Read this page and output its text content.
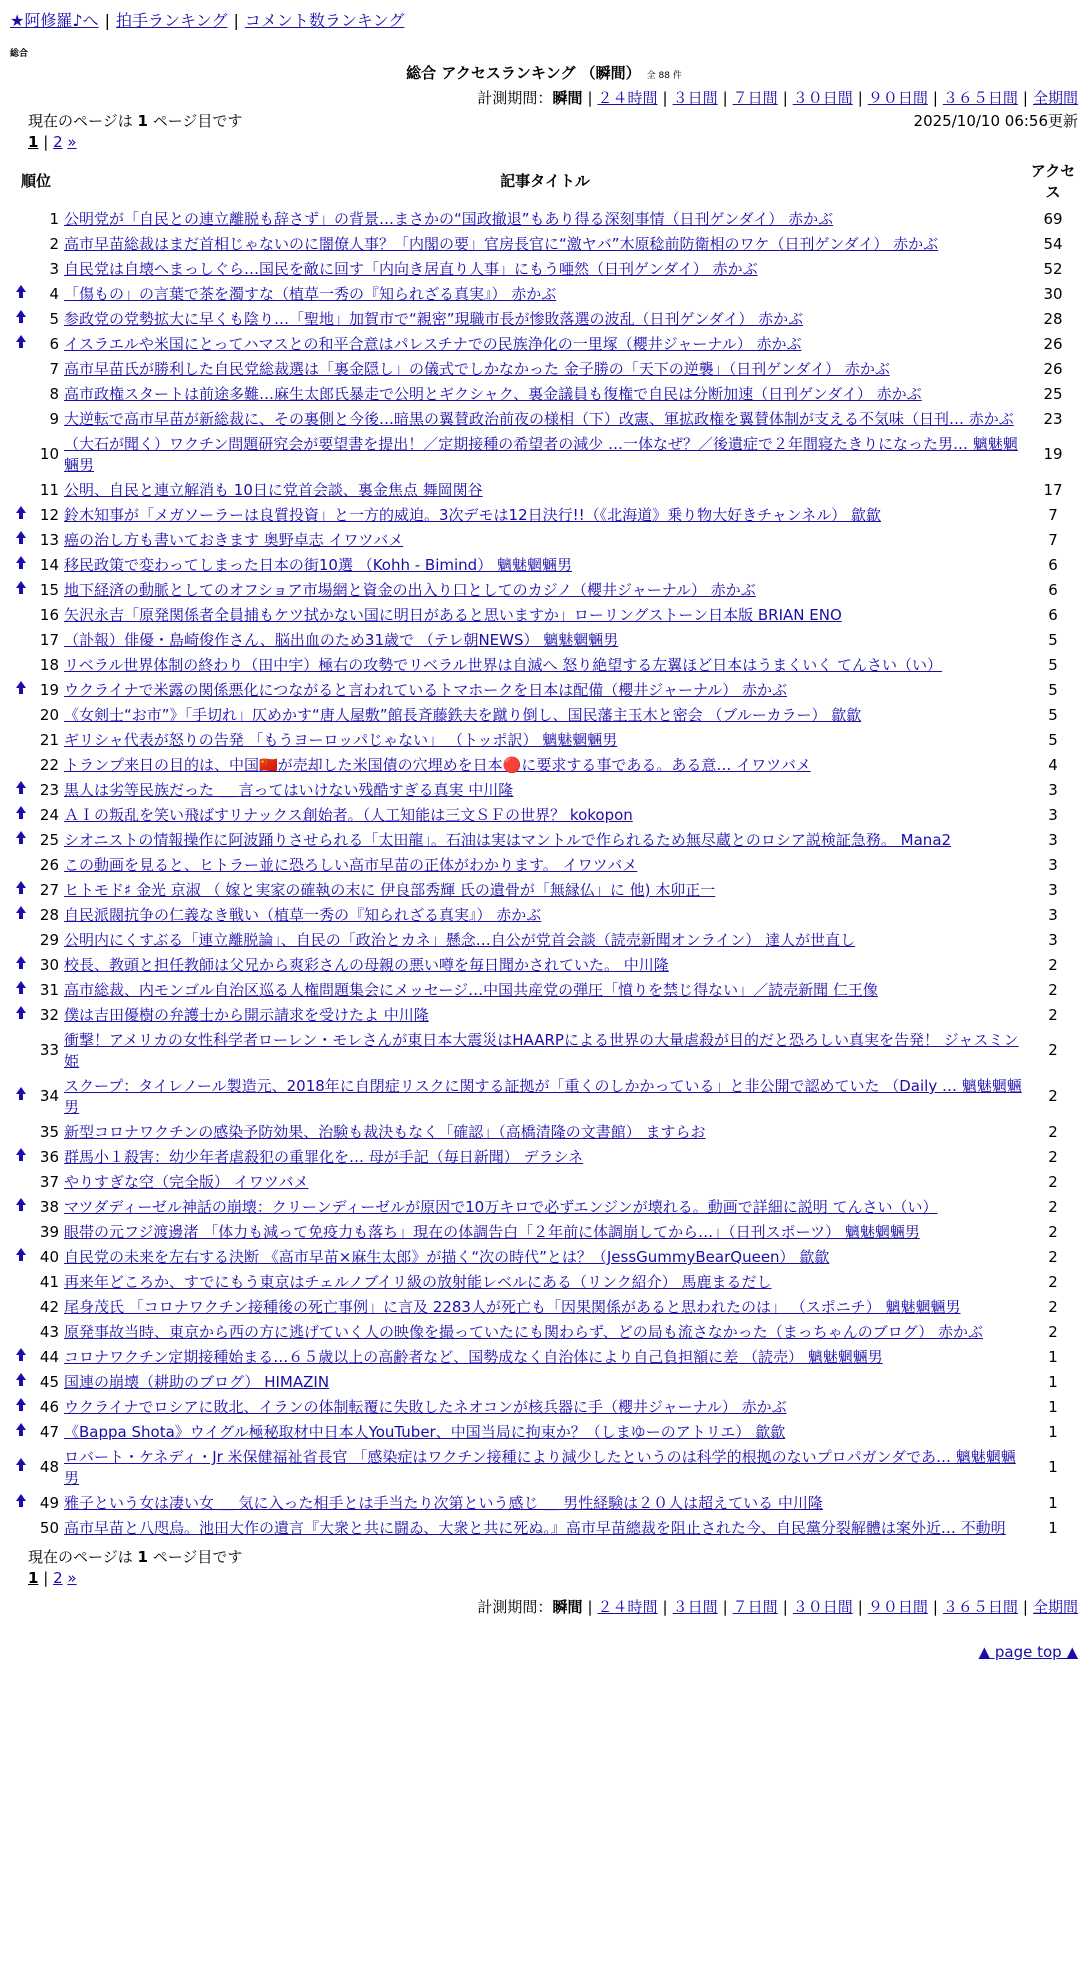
★阿修羅♪へ | 拍手ランキング | コメント数ランキング
総合
総合 アクセスランキング （瞬間） 全 88 件
計測期間：瞬間 | ２４時間 | ３日間 | ７日間 | ３０日間 | ９０日間 | ３６５日間 | 全期間
現在のページは 1 ページ目です	2025/10/10 06:56更新
1 | 2 »
順位		記事タイトル	アクセス
	1	公明党が「自民との連立離脱も辞さず」の背景…まさかの“国政撤退”もあり得る深刻事情（日刊ゲンダイ） 赤かぶ	69
	2	高市早苗総裁はまだ首相じゃないのに闇僚人事？「内閣の要」官房長官に“激ヤバ”木原稔前防衛相のワケ（日刊ゲンダイ） 赤かぶ	54
	3	自民党は自壊へまっしぐら…国民を敵に回す「内向き居直り人事」にもう唖然（日刊ゲンダイ） 赤かぶ	52
	4	「傷もの」の言葉で茶を濁すな（植草一秀の『知られざる真実』） 赤かぶ	30
	5	参政党の党勢拡大に早くも陰り…「聖地」加賀市で“親密”現職市長が惨敗落選の波乱（日刊ゲンダイ） 赤かぶ	28
	6	イスラエルや米国にとってハマスとの和平合意はパレスチナでの民族浄化の一里塚（櫻井ジャーナル） 赤かぶ	26
	7	高市早苗氏が勝利した自民党総裁選は「裏金隠し」の儀式でしかなかった 金子勝の「天下の逆襲」（日刊ゲンダイ） 赤かぶ	26
	8	高市政権スタートは前途多難…麻生太郎氏暴走で公明とギクシャク、裏金議員も復権で自民は分断加速（日刊ゲンダイ） 赤かぶ	25
	9	大逆転で高市早苗が新総裁に、その裏側と今後…暗黒の翼賛政治前夜の様相（下）改憲、軍拡政権を翼賛体制が支える不気味（日刊… 赤かぶ	23
	10	（大石が聞く）ワクチン問題研究会が要望書を提出！／定期接種の希望者の減少 …一体なぜ？／後遺症で２年間寝たきりになった男… 魑魅魍魎男	19
	11	公明、自民と連立解消も 10日に党首会談、裏金焦点 舞岡関谷	17
	12	鈴木知事が「メガソーラーは良質投資」と一方的威迫。3次デモは12日決行!!（《北海道》乗り物大好きチャンネル） 歙歙	7
	13	癌の治し方も書いておきます 奥野卓志 イワツバメ	7
	14	移民政策で変わってしまった日本の街10選 （Kohh - Bimind） 魑魅魍魎男	6
	15	地下経済の動脈としてのオフショア市場網と資金の出入り口としてのカジノ（櫻井ジャーナル） 赤かぶ	6
	16	矢沢永吉「原発関係者全員捕もケツ拭かない国に明日があると思いますか」ローリングストーン日本版 BRIAN ENO	6
	17	（訃報）俳優・島崎俊作さん、脳出血のため31歳で （テレ朝NEWS） 魑魅魍魎男	5
	18	リベラル世界体制の終わり（田中宇）極右の攻勢でリベラル世界は自滅へ 怒り絶望する左翼ほど日本はうまくいく てんさい（い）	5
	19	ウクライナで米露の関係悪化につながると言われているトマホークを日本は配備（櫻井ジャーナル） 赤かぶ	5
	20	《女剣士“お市”》「手切れ」仄めかす“唐人屋敷”館長斉藤鉄夫を蹴り倒し、国民藩主玉木と密会 （ブルーカラー） 歙歙	5
	21	ギリシャ代表が怒りの告発 「もうヨーロッパじゃない」 （トッポ訳） 魑魅魍魎男	5
	22	トランプ来日の目的は、中国🇨🇳が売却した米国債の穴埋めを日本🔴に要求する事である。ある意… イワツバメ	4
	23	黒人は劣等民族だった ＿ 言ってはいけない残酷すぎる真実 中川隆	3
	24	ＡＩの叛乱を笑い飛ばすリナックス創始者。（人工知能は三文ＳＦの世界？ kokopon	3
	25	シオニストの情報操作に阿波踊りさせられる「太田龍」。石油は実はマントルで作られるため無尽蔵とのロシア説検証急務。 Mana2	3
	26	この動画を見ると、ヒトラー並に恐ろしい高市早苗の正体がわかります。 イワツバメ	3
	27	ヒトモド♯ 金光 京淑 （ 嫁と実家の確執の末に 伊良部秀輝 氏の遺骨が「無縁仏」に 他) 木卯正一	3
	28	自民派閥抗争の仁義なき戦い（植草一秀の『知られざる真実』） 赤かぶ	3
	29	公明内にくすぶる「連立離脱論」、自民の「政治とカネ」懸念…自公が党首会談（読売新聞オンライン） 達人が世直し	3
	30	校長、教頭と担任教師は父兄から爽彩さんの母親の悪い噂を毎日聞かされていた。 中川隆	2
	31	高市総裁、内モンゴル自治区巡る人権問題集会にメッセージ…中国共産党の弾圧「憤りを禁じ得ない」／読売新聞 仁王像	2
	32	僕は吉田優樹の弁護士から開示請求を受けたよ 中川隆	2
	33	衝撃！アメリカの女性科学者ローレン・モレさんが東日本大震災はHAARPによる世界の大量虐殺が目的だと恐ろしい真実を告発！ ジャスミン姫	2
	34	スクープ：タイレノール製造元、2018年に自閉症リスクに関する証拠が「重くのしかかっている」と非公開で認めていた （Daily … 魑魅魍魎男	2
	35	新型コロナワクチンの感染予防効果、治験も裁決もなく「確認」（高橋清隆の文書館） ますらお	2
	36	群馬小１殺害：幼少年者虐殺犯の重罪化を… 母が手記（毎日新聞） デラシネ	2
	37	やりすぎな空（完全版） イワツバメ	2
	38	マツダディーゼル神話の崩壊：クリーンディーゼルが原因で10万キロで必ずエンジンが壊れる。動画で詳細に説明 てんさい（い）	2
	39	眼帯の元フジ渡邊渚 「体力も減って免疫力も落ち」現在の体調告白「２年前に体調崩してから…」（日刊スポーツ） 魑魅魍魎男	2
	40	自民党の未来を左右する決断 《高市早苗×麻生太郎》が描く“次の時代”とは？（JessGummyBearQueen） 歙歙	2
	41	再来年どころか、すでにもう東京はチェルノブイリ級の放射能レベルにある（リンク紹介） 馬鹿まるだし	2
	42	尾身茂氏 「コロナワクチン接種後の死亡事例」に言及 2283人が死亡も「因果関係があると思われたのは」 （スポニチ） 魑魅魍魎男	2
	43	原発事故当時、東京から西の方に逃げていく人の映像を撮っていたにも関わらず、どの局も流さなかった（まっちゃんのブログ） 赤かぶ	2
	44	コロナワクチン定期接種始まる…６５歳以上の高齢者など、国勢成なく自治体により自己負担額に差 （読売） 魑魅魍魎男	1
	45	国連の崩壊（耕助のブログ） HIMAZIN	1
	46	ウクライナでロシアに敗北、イランの体制転覆に失敗したネオコンが核兵器に手（櫻井ジャーナル） 赤かぶ	1
	47	《Bappa Shota》ウイグル極秘取材中日本人YouTuber、中国当局に拘束か？（しまゆーのアトリエ） 歙歙	1
	48	ロバート・ケネディ・Jr 米保健福祉省長官 「感染症はワクチン接種により減少したというのは科学的根拠のないプロパガンダであ… 魑魅魍魎男	1
	49	雅子という女は凄い女 ＿ 気に入った相手とは手当たり次第という感じ ＿ 男性経験は２０人は超えている 中川隆	1
	50	高市早苗と八咫烏。池田大作の遺言『大衆と共に闘ゐ、大衆と共に死ぬ。』高市早苗總裁を阻止された今、自民黨分裂解體は案外近… 不動明	1
現在のページは 1 ページ目です
1 | 2 »
計測期間：瞬間 | ２４時間 | ３日間 | ７日間 | ３０日間 | ９０日間 | ３６５日間 | 全期間
▲ page top ▲
